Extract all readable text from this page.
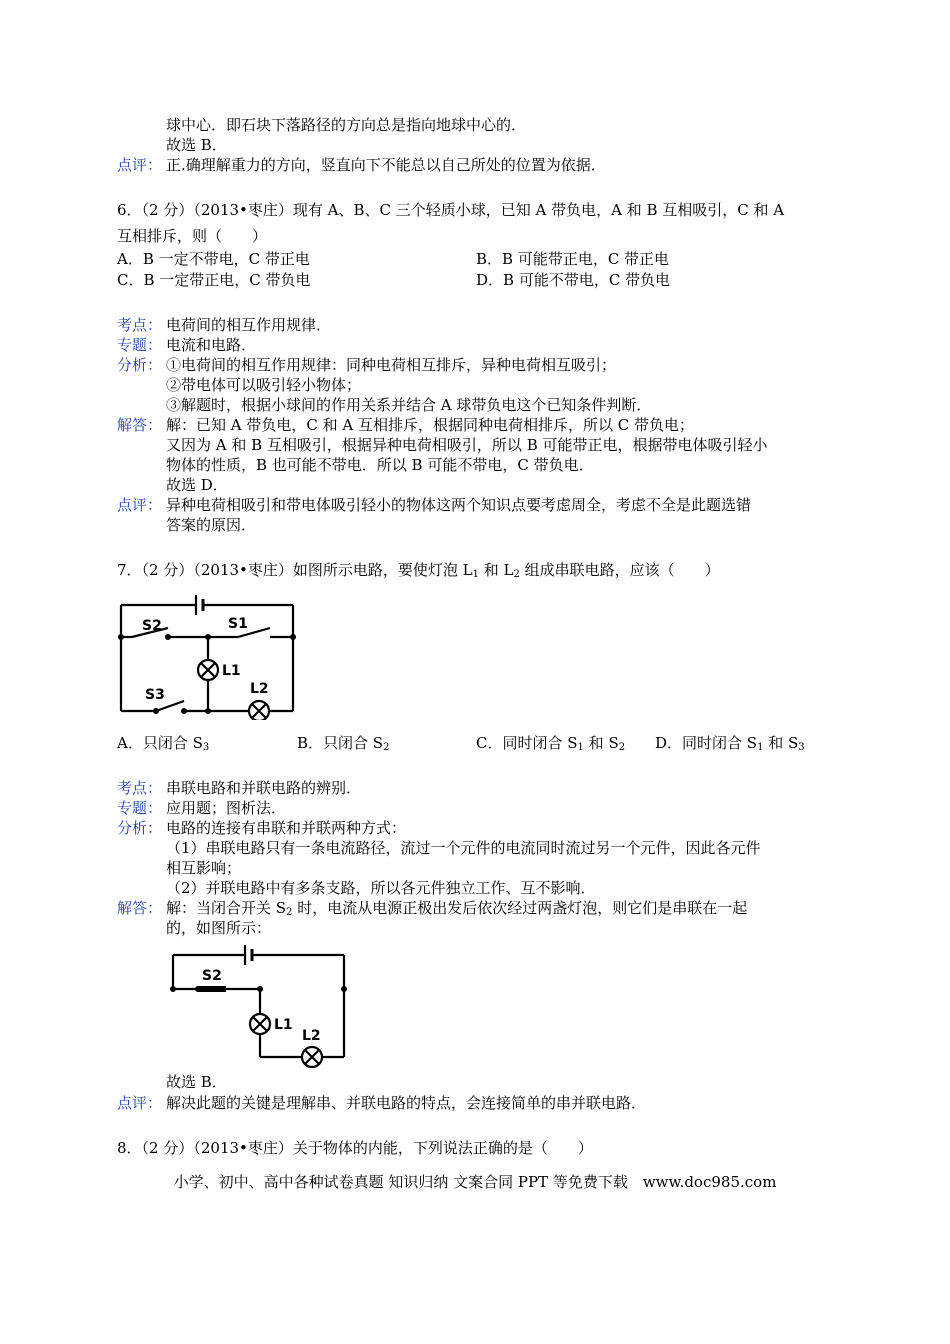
球中心．即石块下落路径的方向总是指向地球中心的．
故选 B．
点评： 正.确理解重力的方向，竖直向下不能总以自己所处的位置为依据．
6．（2 分）（2013•枣庄）现有 A、B、C 三个轻质小球，已知 A 带负电，A 和 B 互相吸引，C 和 A
互相排斥，则（　　）
A．B 一定不带电，C 带正电	B．B 可能带正电，C 带正电
C．B 一定带正电，C 带负电	D．B 可能不带电，C 带负电
考点： 电荷间的相互作用规律．
专题： 电流和电路．
分析： ①电荷间的相互作用规律：同种电荷相互排斥，异种电荷相互吸引；
②带电体可以吸引轻小物体；
③解题时，根据小球间的作用关系并结合 A 球带负电这个已知条件判断．
解答： 解：已知 A 带负电，C 和 A 互相排斥，根据同种电荷相排斥，所以 C 带负电；
又因为 A 和 B 互相吸引，根据异种电荷相吸引，所以 B 可能带正电，根据带电体吸引轻小
物体的性质，B 也可能不带电．所以 B 可能不带电，C 带负电．
故选 D．
点评： 异种电荷相吸引和带电体吸引轻小的物体这两个知识点要考虑周全，考虑不全是此题选错
答案的原因．
7．（2 分）（2013•枣庄）如图所示电路，要使灯泡 $L_1$ 和 $L_2$ 组成串联电路，应该（　　）
S2	S1
S3
L1
L2
A．只闭合 $S_3$	B．只闭合 $S_2$	C．同时闭合 $S_1$ 和 $S_2$ D．同时闭合 $S_1$ 和 $S_3$
考点： 串联电路和并联电路的辨别．
专题： 应用题；图析法．
分析： 电路的连接有串联和并联两种方式：
（1）串联电路只有一条电流路径，流过一个元件的电流同时流过另一个元件，因此各元件
相互影响；
（2）并联电路中有多条支路，所以各元件独立工作、互不影响．
解答： 解：当闭合开关 $S_2$ 时，电流从电源正极出发后依次经过两盏灯泡，则它们是串联在一起
的，如图所示：
S2
L1
L2
故选 B．
点评： 解决此题的关键是理解串、并联电路的特点，会连接简单的串并联电路．
8．（2 分）（2013•枣庄）关于物体的内能，下列说法正确的是（　　）
小学、初中、高中各种试卷真题 知识归纳 文案合同 PPT 等免费下载　www.doc985.com
